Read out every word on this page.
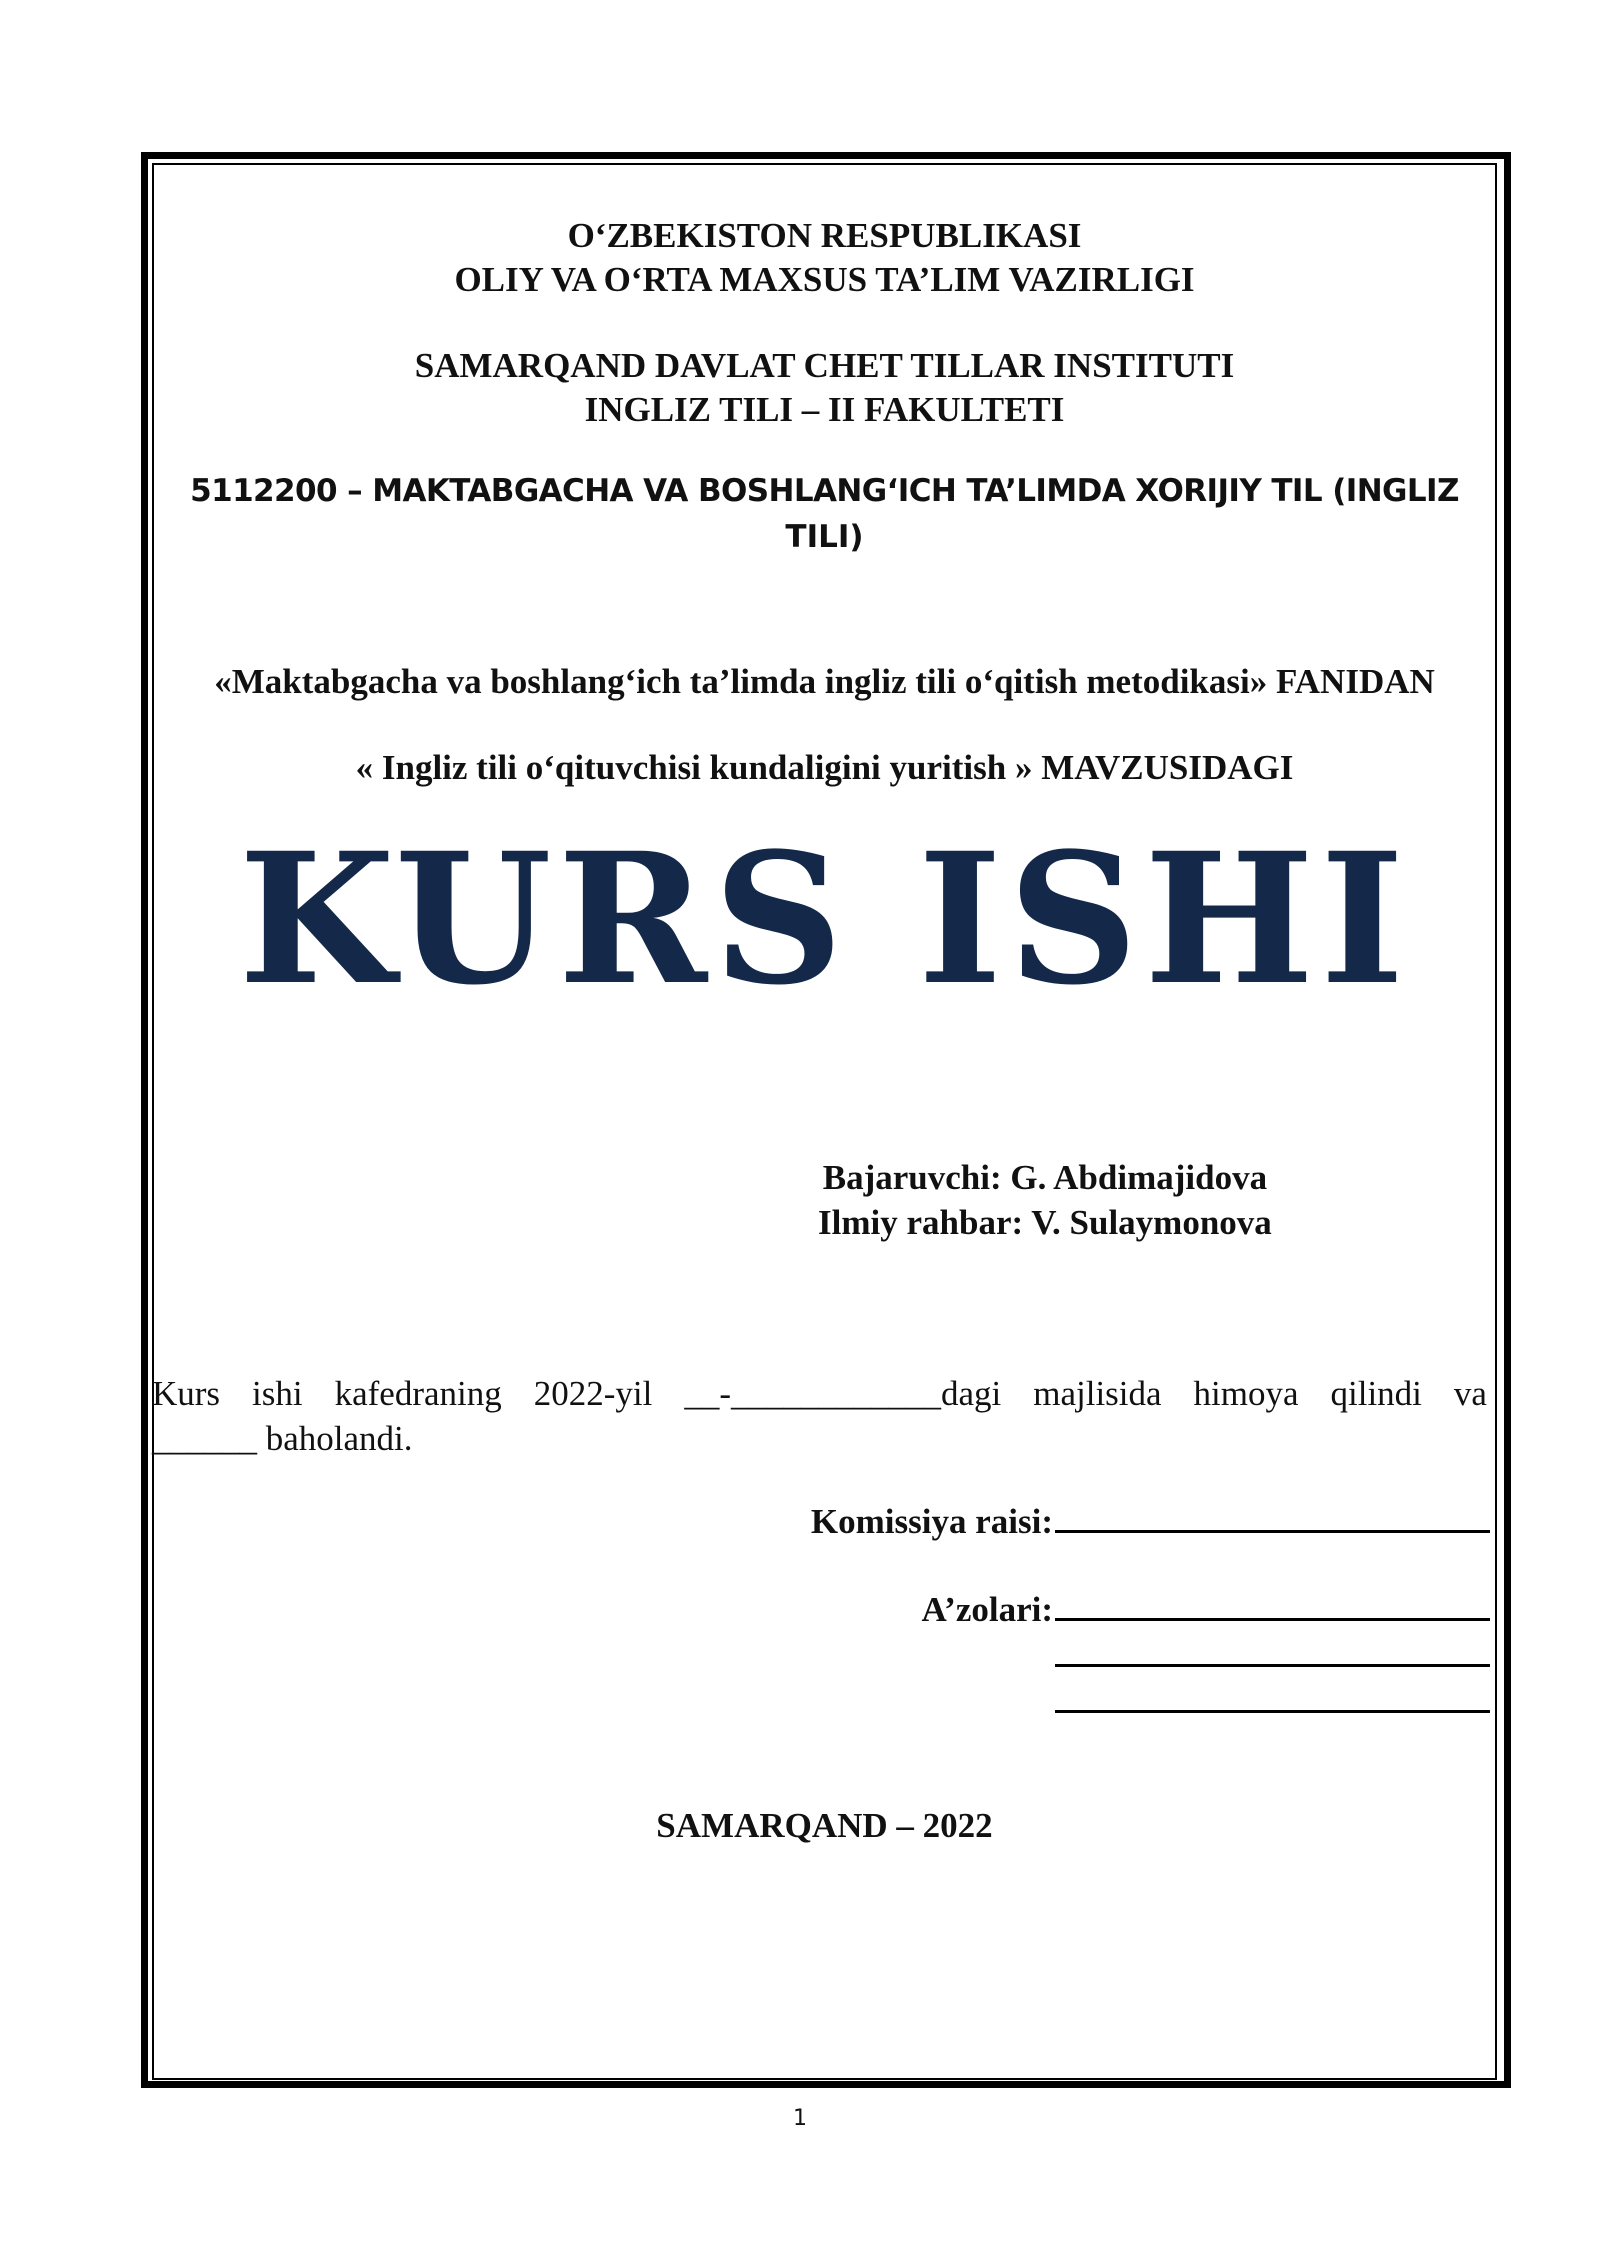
O‘ZBEKISTON RESPUBLIKASI
OLIY VA O‘RTA MAXSUS TA’LIM VAZIRLIGI
SAMARQAND DAVLAT CHET TILLAR INSTITUTI
INGLIZ TILI – II FAKULTETI
5112200 – MAKTABGACHA VA BOSHLANG‘ICH TA’LIMDA XORIJIY TIL (INGLIZ
TILI)
«Maktabgacha va boshlang‘ich ta’limda ingliz tili o‘qitish metodikasi» FANIDAN
« Ingliz tili o‘qituvchisi kundaligini yuritish » MAVZUSIDAGI
KURS ISHI
Bajaruvchi: G. Abdimajidova
Ilmiy rahbar: V. Sulaymonova
Kurs ishi kafedraning 2022-yil __-____________dagi majlisida himoya qilindi va
______ baholandi.
Komissiya raisi:
A’zolari:
SAMARQAND – 2022
1
